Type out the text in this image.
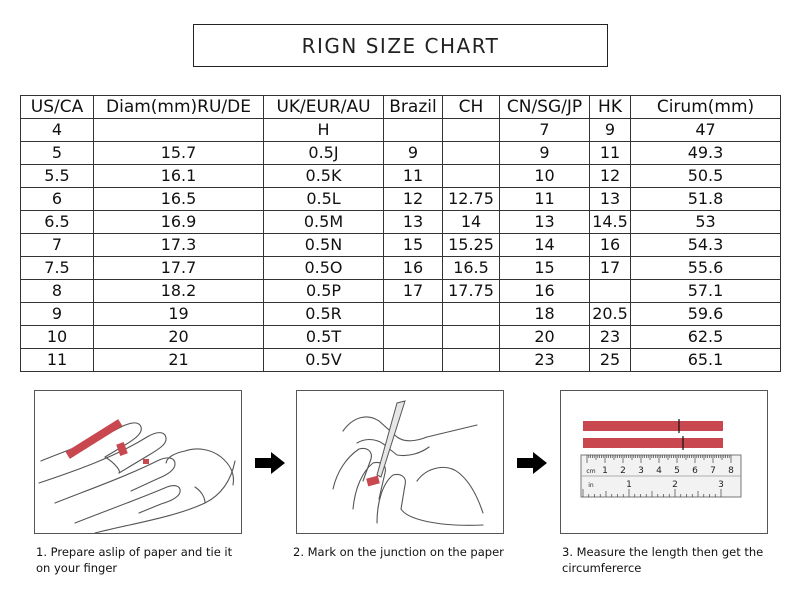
RIGN SIZE CHART
US/CA	Diam(mm)RU/DE	UK/EUR/AU	Brazil	CH	CN/SG/JP	HK	Cirum(mm)
4		H			7	9	47
5	15.7	0.5J	9		9	11	49.3
5.5	16.1	0.5K	11		10	12	50.5
6	16.5	0.5L	12	12.75	11	13	51.8
6.5	16.9	0.5M	13	14	13	14.5	53
7	17.3	0.5N	15	15.25	14	16	54.3
7.5	17.7	0.5O	16	16.5	15	17	55.6
8	18.2	0.5P	17	17.75	16		57.1
9	19	0.5R			18	20.5	59.6
10	20	0.5T			20	23	62.5
11	21	0.5V			23	25	65.1
cm 1 2 3 4 5 6 7 8
in	1	2	3
1. Prepare aslip of paper and tie it
on your finger
2. Mark on the junction on the paper	3. Measure the length then get the
circumfererce
